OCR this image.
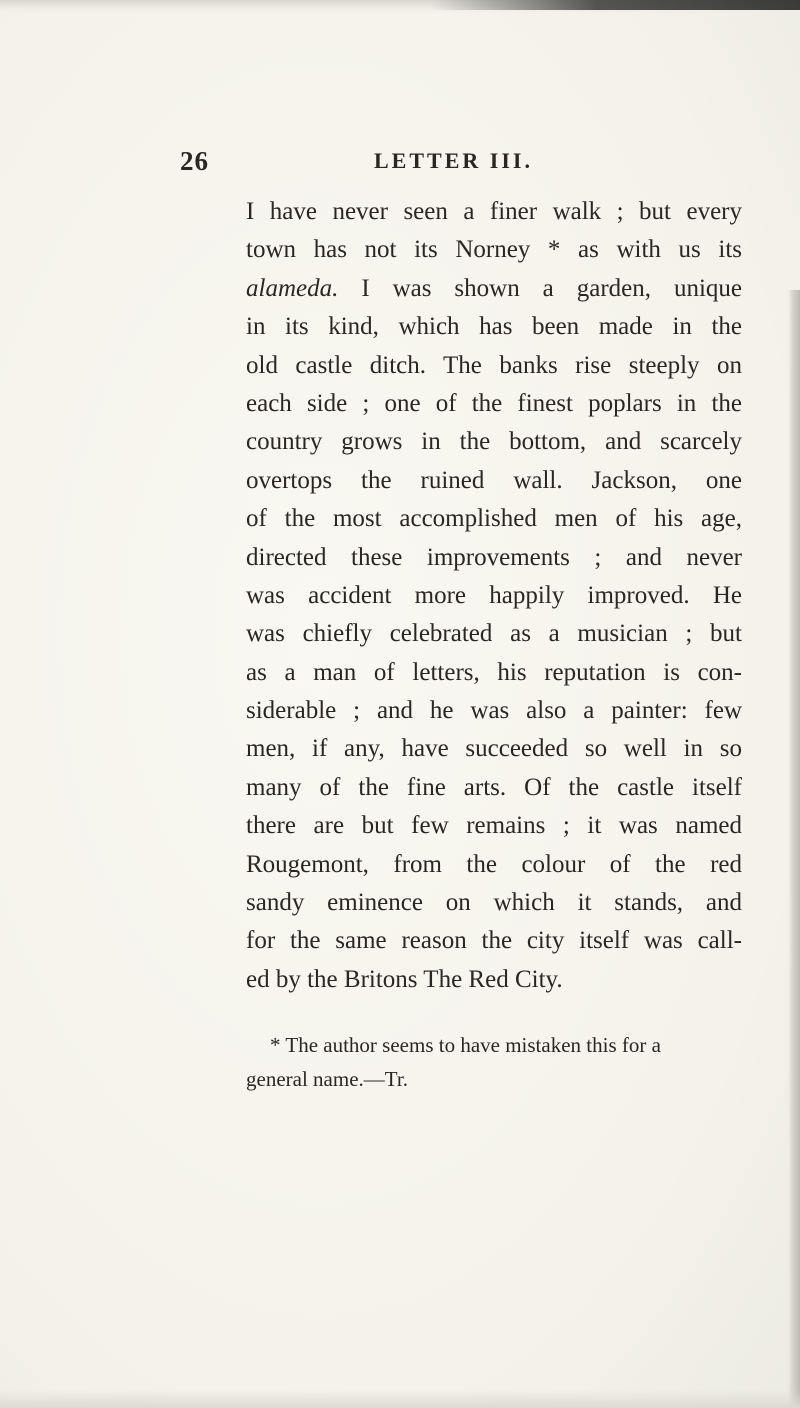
26	LETTER III.
I have never seen a finer walk ; but every
town has not its Norney * as with us its
alameda. I was shown a garden, unique
in its kind, which has been made in the
old castle ditch. The banks rise steeply on
each side ; one of the finest poplars in the
country grows in the bottom, and scarcely
overtops the ruined wall. Jackson, one
of the most accomplished men of his age,
directed these improvements ; and never
was accident more happily improved. He
was chiefly celebrated as a musician ; but
as a man of letters, his reputation is con-
siderable ; and he was also a painter: few
men, if any, have succeeded so well in so
many of the fine arts. Of the castle itself
there are but few remains ; it was named
Rougemont, from the colour of the red
sandy eminence on which it stands, and
for the same reason the city itself was call-
ed by the Britons The Red City.
* The author seems to have mistaken this for a
general name.—Tr.
